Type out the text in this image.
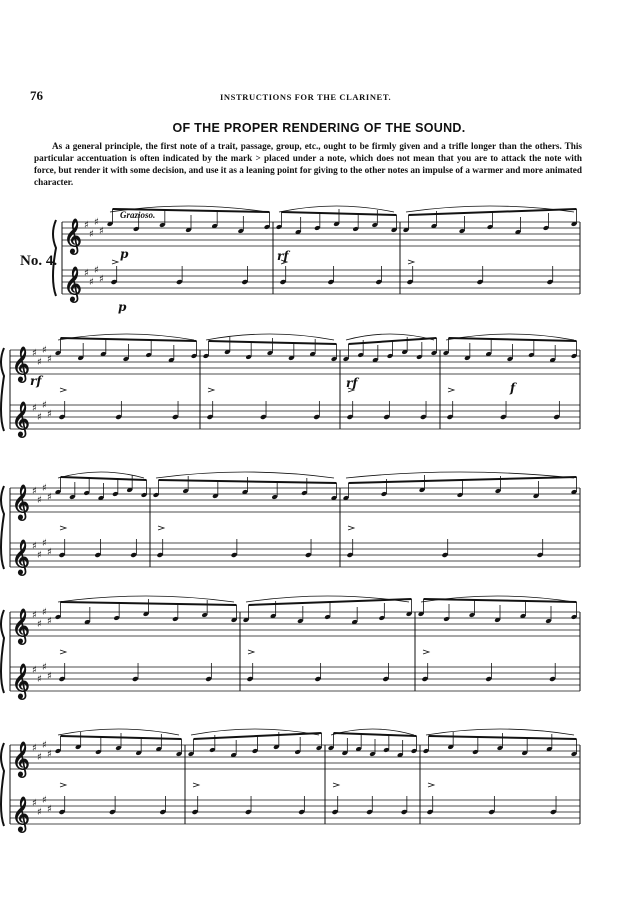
76	INSTRUCTIONS FOR THE CLARINET.
OF THE PROPER RENDERING OF THE SOUND.
As a general principle, the first note of a trait, passage, group, etc., ought to be firmly given and a trifle longer than the others. This particular accentuation is often indicated by the mark > placed under a note, which does not mean that you are to attack the note with force, but render it with some decision, and use it as a leaning point for giving to the other notes an impulse of a warmer and more animated character.
Grazioso.
No. 4.
𝄞 ♯
♯
♯
♯
𝄞 ♯
♯
♯
♯
𝄞 ♯
♯
♯
♯
𝄞 ♯
♯
♯
♯
𝄞 ♯
♯
♯
♯
𝄞 ♯
♯
♯
♯
𝄞 ♯
♯
♯
♯
𝄞 ♯
♯
♯
♯
𝄞 ♯
♯
♯
♯
𝄞 ♯
♯
♯
♯
p
p
rf
rf	rf	f
